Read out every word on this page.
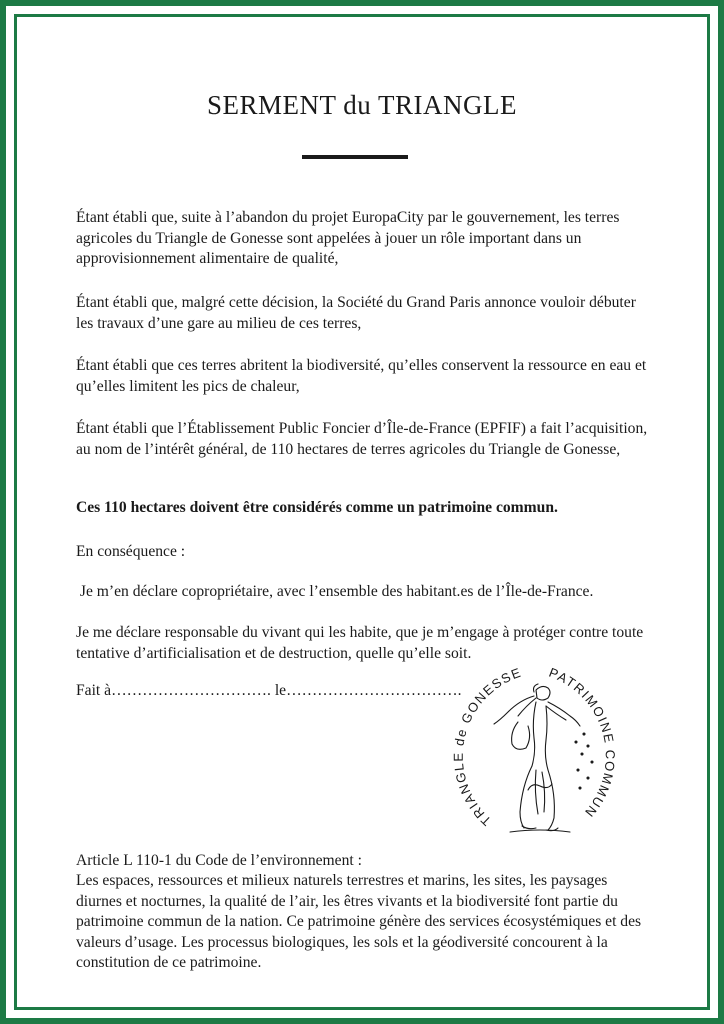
SERMENT du TRIANGLE

Étant établi que, suite à l’abandon du projet EuropaCity par le gouvernement, les terres agricoles du Triangle de Gonesse sont appelées à jouer un rôle important dans un approvisionnement alimentaire de qualité,

Étant établi que, malgré cette décision, la Société du Grand Paris annonce vouloir débuter les travaux d’une gare au milieu de ces terres,

Étant établi que ces terres abritent la biodiversité, qu’elles conservent la ressource en eau et qu’elles limitent les pics de chaleur,

Étant établi que l’Établissement Public Foncier d’Île-de-France (EPFIF) a fait l’acquisition, au nom de l’intérêt général, de 110 hectares de terres agricoles du Triangle de Gonesse,

Ces 110 hectares doivent être considérés comme un patrimoine commun.

En conséquence :

Je m’en déclare copropriétaire, avec l’ensemble des habitant.es de l’Île-de-France.

Je me déclare responsable du vivant qui les habite, que je m’engage à protéger contre toute tentative d’artificialisation et de destruction, quelle qu’elle soit.

Fait à…………………………. le…………………………….

TRIANGLE de GONESSE PATRIMOINE COMMUN

Article L 110-1 du Code de l’environnement :

Les espaces, ressources et milieux naturels terrestres et marins, les sites, les paysages diurnes et nocturnes, la qualité de l’air, les êtres vivants et la biodiversité font partie du patrimoine commun de la nation. Ce patrimoine génère des services écosystémiques et des valeurs d’usage. Les processus biologiques, les sols et la géodiversité concourent à la constitution de ce patrimoine.
